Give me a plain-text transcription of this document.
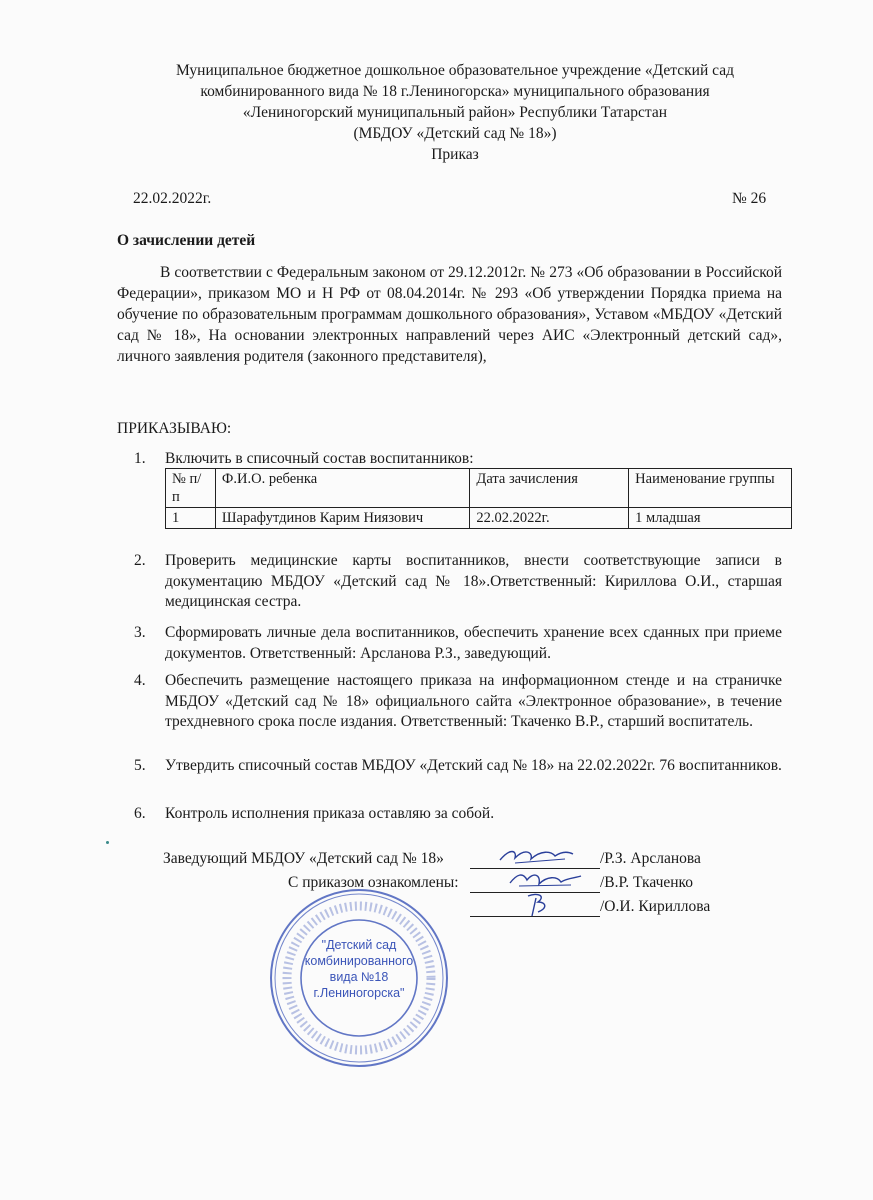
Муниципальное бюджетное дошкольное образовательное учреждение «Детский сад
комбинированного вида № 18 г.Лениногорска» муниципального образования
«Лениногорский муниципальный район» Республики Татарстан
(МБДОУ «Детский сад № 18»)
Приказ
22.02.2022г.	№ 26
О зачислении детей
В соответствии с Федеральным законом от 29.12.2012г. № 273 «Об образовании в Российской Федерации», приказом МО и Н РФ от 08.04.2014г. № 293 «Об утверждении Порядка приема на обучение по образовательным программам дошкольного образования», Уставом «МБДОУ «Детский сад № 18», На основании электронных направлений через АИС «Электронный детский сад», личного заявления родителя (законного представителя),
ПРИКАЗЫВАЮ:
1. Включить в списочный состав воспитанников:
№ п/п	Ф.И.О. ребенка	Дата зачисления	Наименование группы
1	Шарафутдинов Карим Ниязович	22.02.2022г.	1 младшая
2. Проверить медицинские карты воспитанников, внести соответствующие записи в документацию МБДОУ «Детский сад № 18».Ответственный: Кириллова О.И., старшая медицинская сестра.
3. Сформировать личные дела воспитанников, обеспечить хранение всех сданных при приеме документов. Ответственный: Арсланова Р.З., заведующий.
4. Обеспечить размещение настоящего приказа на информационном стенде и на страничке МБДОУ «Детский сад № 18» официального сайта «Электронное образование», в течение трехдневного срока после издания. Ответственный: Ткаченко В.Р., старший воспитатель.
5. Утвердить списочный состав МБДОУ «Детский сад № 18» на 22.02.2022г. 76 воспитанников.
6. Контроль исполнения приказа оставляю за собой.
Заведующий МБДОУ «Детский сад № 18»	/Р.З. Арсланова
С приказом ознакомлены:	/В.Р. Ткаченко
/О.И. Кириллова
"Детский сад
комбинированного
вида №18
г.Лениногорска"
